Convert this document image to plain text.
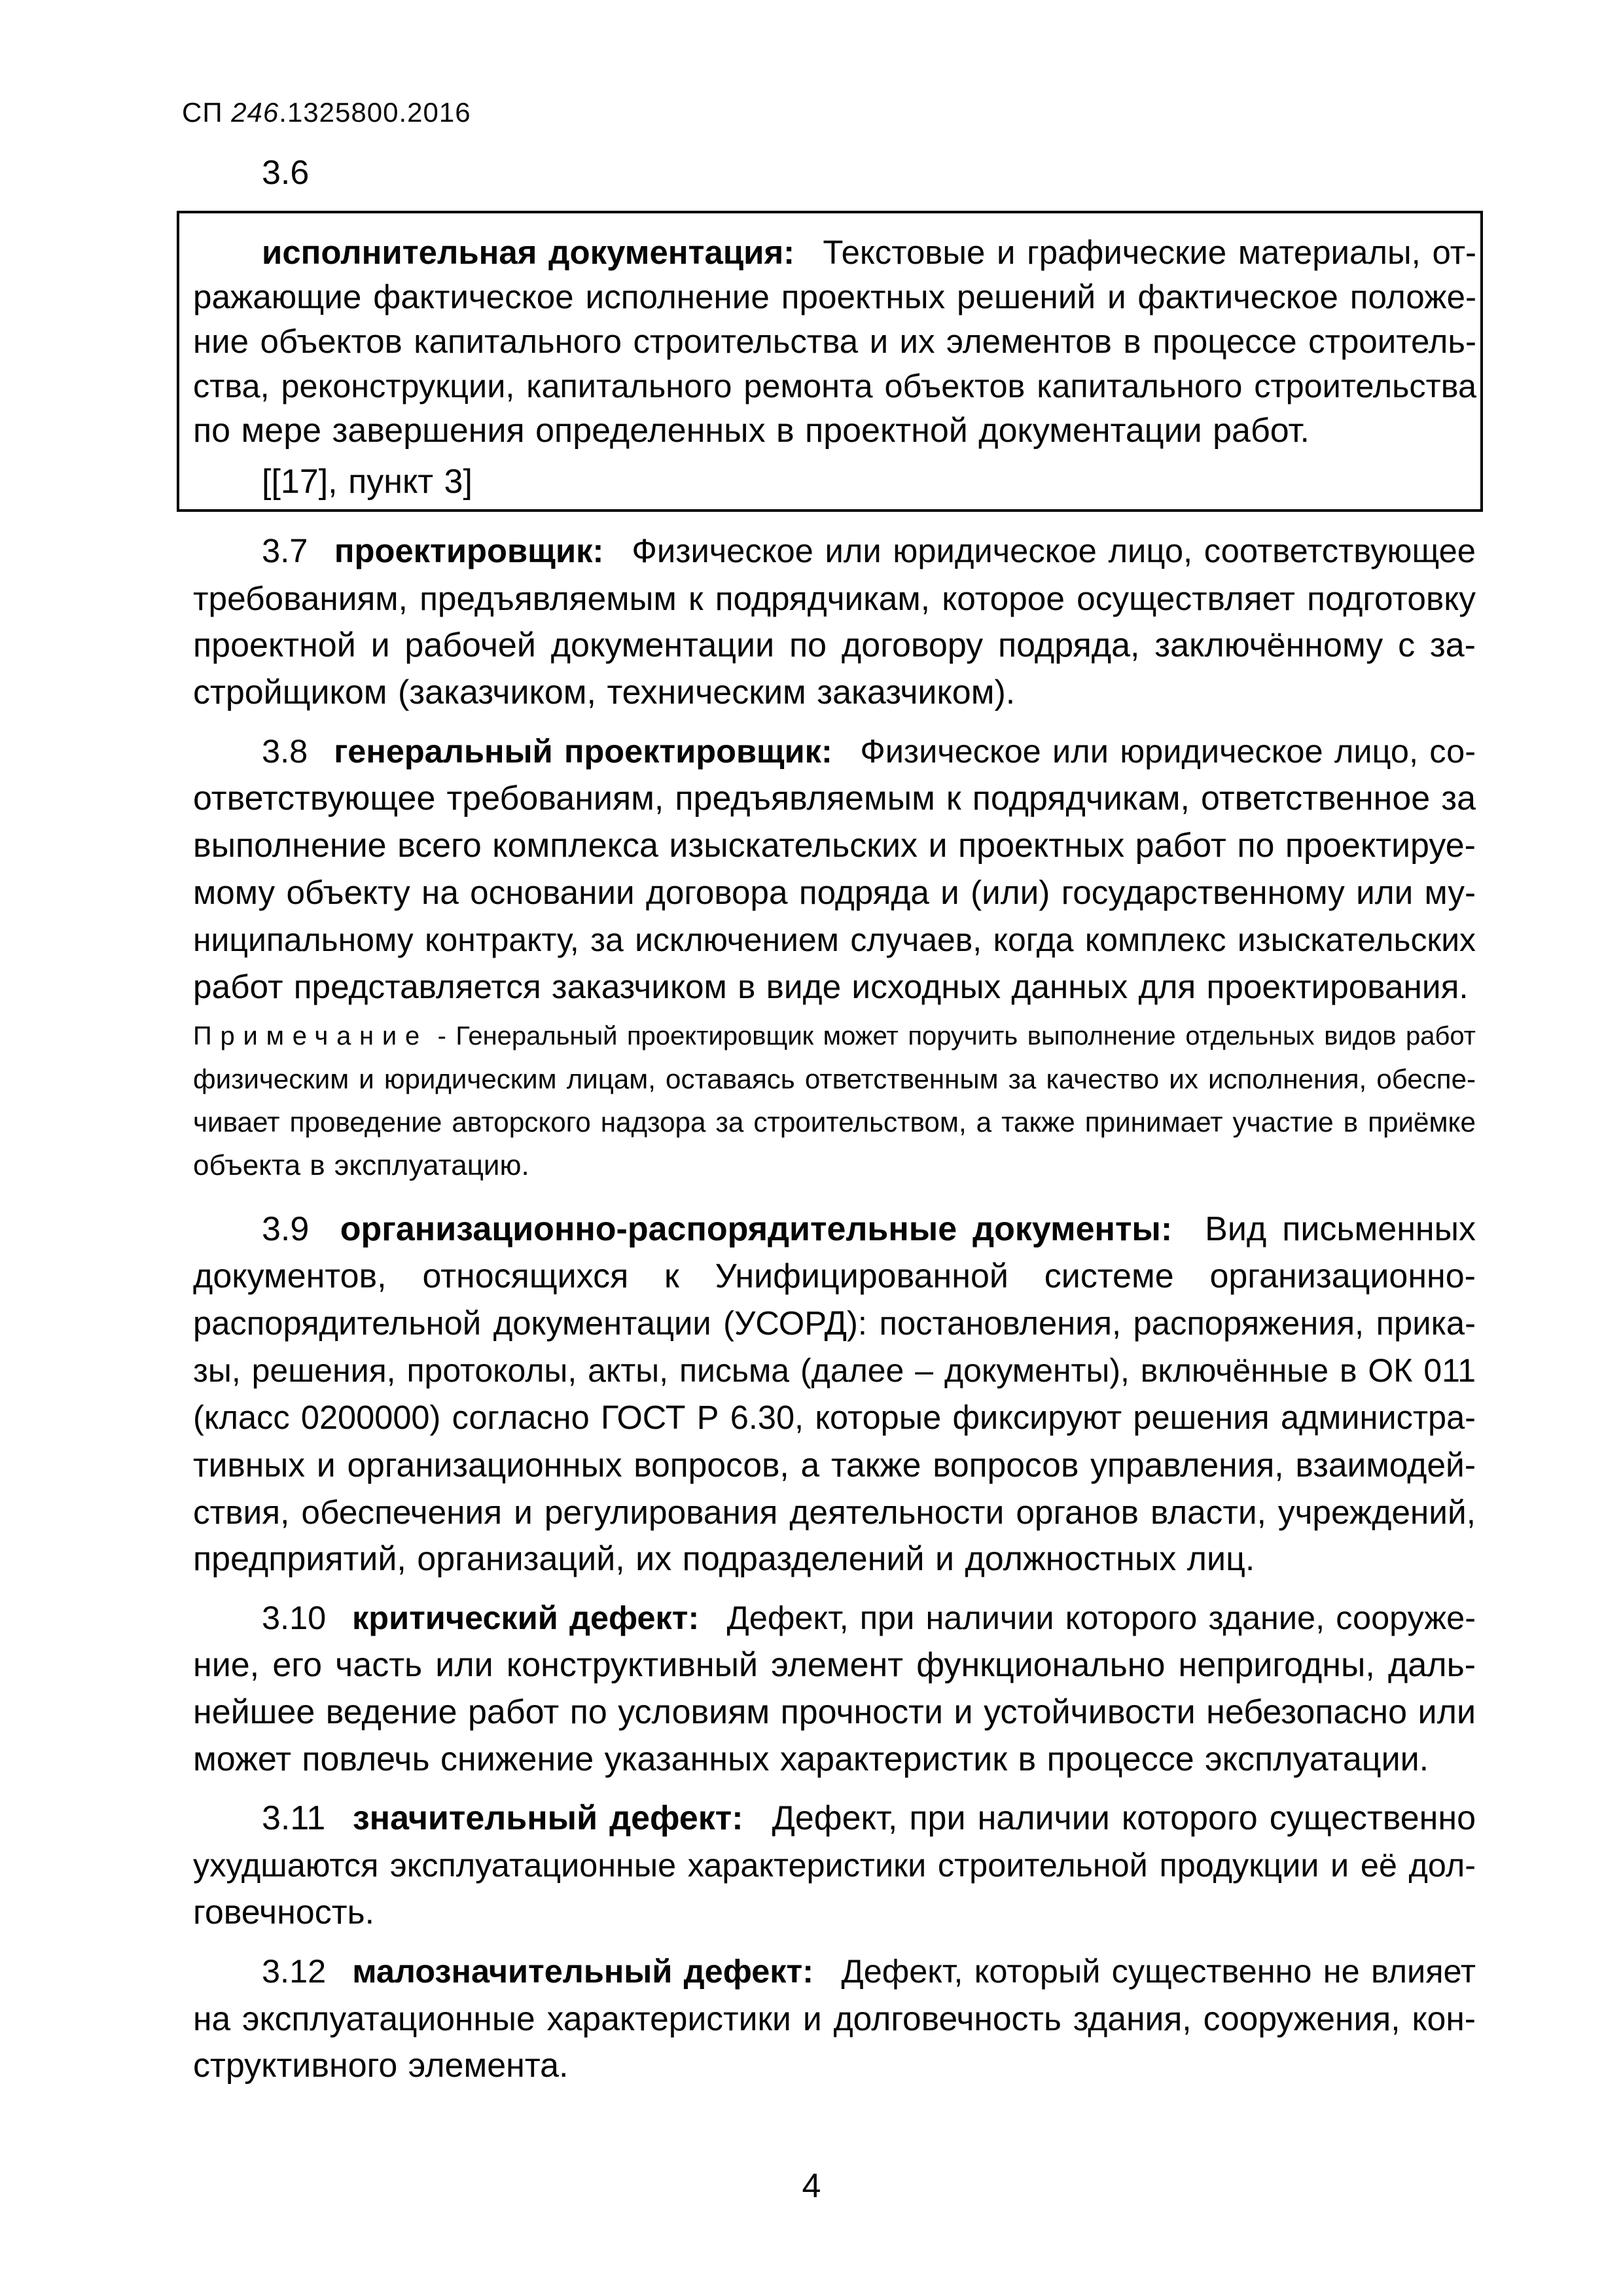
СП 246.1325800.2016
3.6
исполнительная документация: Текстовые и графические материалы, от-
ражающие фактическое исполнение проектных решений и фактическое положе-
ние объектов капитального строительства и их элементов в процессе строитель-
ства, реконструкции, капитального ремонта объектов капитального строительства
по мере завершения определенных в проектной документации работ.
[[17], пункт 3]
3.7 проектировщик: Физическое или юридическое лицо, соответствующее
требованиям, предъявляемым к подрядчикам, которое осуществляет подготовку
проектной и рабочей документации по договору подряда, заключённому с за-
стройщиком (заказчиком, техническим заказчиком).
3.8 генеральный проектировщик: Физическое или юридическое лицо, со-
ответствующее требованиям, предъявляемым к подрядчикам, ответственное за
выполнение всего комплекса изыскательских и проектных работ по проектируе-
мому объекту на основании договора подряда и (или) государственному или му-
ниципальному контракту, за исключением случаев, когда комплекс изыскательских
работ представляется заказчиком в виде исходных данных для проектирования.
Примечание - Генеральный проектировщик может поручить выполнение отдельных видов работ
физическим и юридическим лицам, оставаясь ответственным за качество их исполнения, обеспе-
чивает проведение авторского надзора за строительством, а также принимает участие в приёмке
объекта в эксплуатацию.
3.9 организационно-распорядительные документы: Вид письменных
документов, относящихся к Унифицированной системе организационно-
распорядительной документации (УСОРД): постановления, распоряжения, прика-
зы, решения, протоколы, акты, письма (далее – документы), включённые в ОК 011
(класс 0200000) согласно ГОСТ Р 6.30, которые фиксируют решения администра-
тивных и организационных вопросов, а также вопросов управления, взаимодей-
ствия, обеспечения и регулирования деятельности органов власти, учреждений,
предприятий, организаций, их подразделений и должностных лиц.
3.10 критический дефект: Дефект, при наличии которого здание, сооруже-
ние, его часть или конструктивный элемент функционально непригодны, даль-
нейшее ведение работ по условиям прочности и устойчивости небезопасно или
может повлечь снижение указанных характеристик в процессе эксплуатации.
3.11 значительный дефект: Дефект, при наличии которого существенно
ухудшаются эксплуатационные характеристики строительной продукции и её дол-
говечность.
3.12 малозначительный дефект: Дефект, который существенно не влияет
на эксплуатационные характеристики и долговечность здания, сооружения, кон-
структивного элемента.
4
